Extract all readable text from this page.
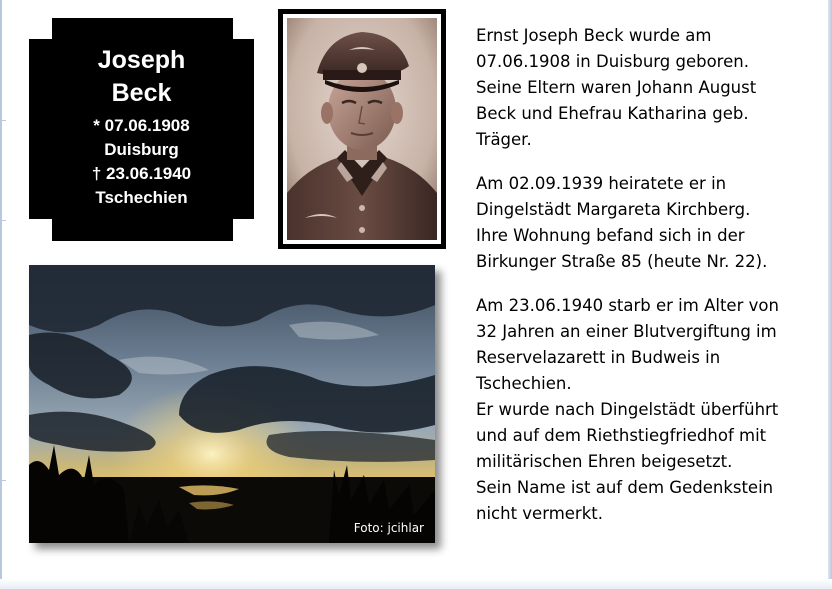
Joseph
Beck
* 07.06.1908
Duisburg
† 23.06.1940
Tschechien
Foto: jcihlar

Ernst Joseph Beck wurde am
07.06.1908 in Duisburg geboren.
Seine Eltern waren Johann August
Beck und Ehefrau Katharina geb.
Träger.

Am 02.09.1939 heiratete er in
Dingelstädt Margareta Kirchberg.
Ihre Wohnung befand sich in der
Birkunger Straße 85 (heute Nr. 22).

Am 23.06.1940 starb er im Alter von
32 Jahren an einer Blutvergiftung im
Reservelazarett in Budweis in
Tschechien.
Er wurde nach Dingelstädt überführt
und auf dem Riethstiegfriedhof mit
militärischen Ehren beigesetzt.
Sein Name ist auf dem Gedenkstein
nicht vermerkt.
